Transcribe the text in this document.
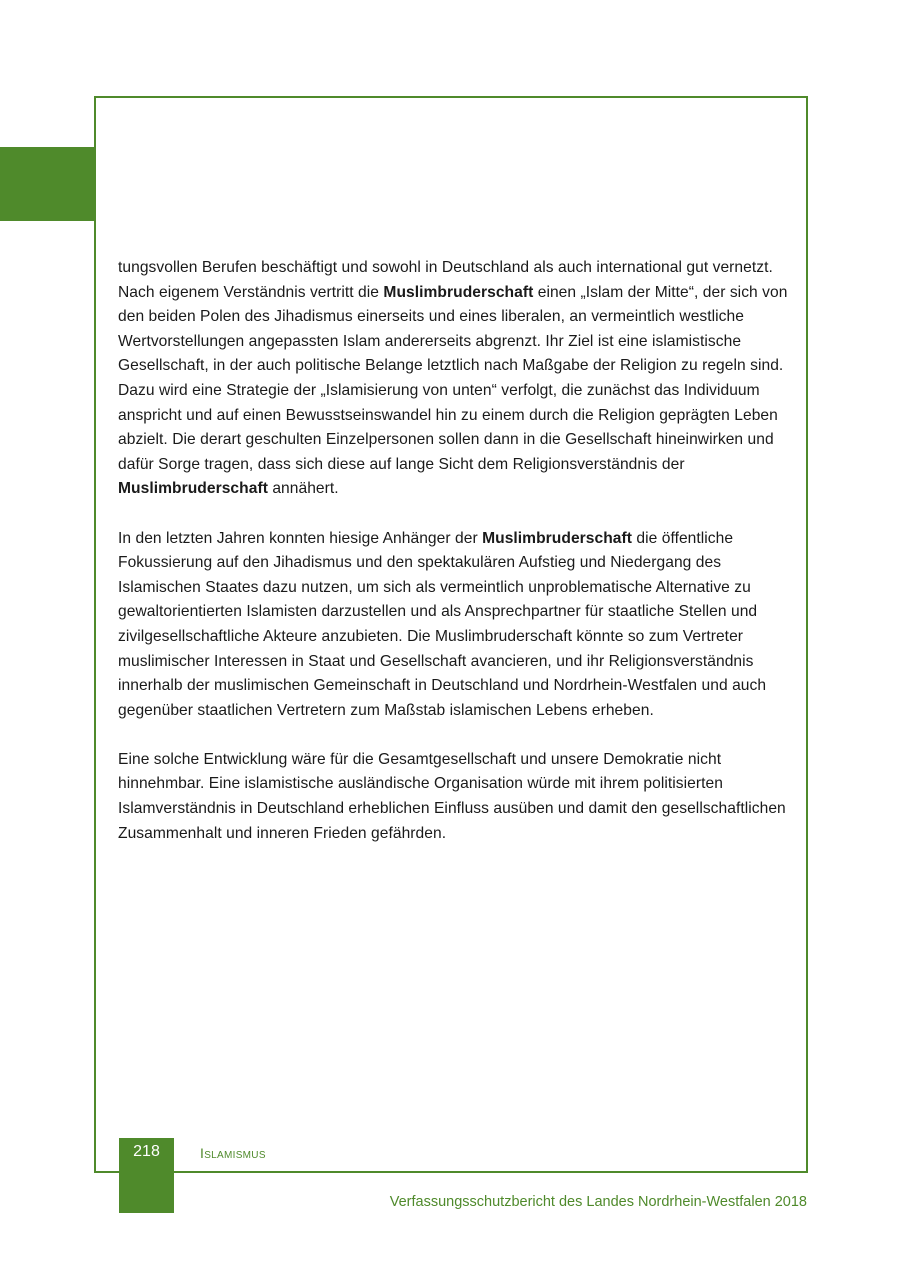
tungsvollen Berufen beschäftigt und sowohl in Deutschland als auch international gut vernetzt. Nach eigenem Verständnis vertritt die Muslimbruderschaft einen „Islam der Mitte“, der sich von den beiden Polen des Jihadismus einerseits und eines liberalen, an vermeintlich westliche Wertvorstellungen angepassten Islam andererseits abgrenzt. Ihr Ziel ist eine islamistische Gesellschaft, in der auch politische Belange letztlich nach Maßgabe der Religion zu regeln sind. Dazu wird eine Strategie der „Islamisierung von unten“ verfolgt, die zunächst das Individuum anspricht und auf einen Bewusstseinswandel hin zu einem durch die Religion geprägten Leben abzielt. Die derart geschulten Einzelpersonen sollen dann in die Gesellschaft hineinwirken und dafür Sorge tragen, dass sich diese auf lange Sicht dem Religionsverständnis der Muslimbruderschaft annähert.

In den letzten Jahren konnten hiesige Anhänger der Muslimbruderschaft die öffentliche Fokussierung auf den Jihadismus und den spektakulären Aufstieg und Niedergang des Islamischen Staates dazu nutzen, um sich als vermeintlich unproblematische Alternative zu gewaltorientierten Islamisten darzustellen und als Ansprechpartner für staatliche Stellen und zivilgesellschaftliche Akteure anzubieten. Die Muslimbruderschaft könnte so zum Vertreter muslimischer Interessen in Staat und Gesellschaft avancieren, und ihr Religionsverständnis innerhalb der muslimischen Gemeinschaft in Deutschland und Nordrhein-Westfalen und auch gegenüber staatlichen Vertretern zum Maßstab islamischen Lebens erheben.

Eine solche Entwicklung wäre für die Gesamtgesellschaft und unsere Demokratie nicht hinnehmbar. Eine islamistische ausländische Organisation würde mit ihrem politisierten Islamverständnis in Deutschland erheblichen Einfluss ausüben und damit den gesellschaftlichen Zusammenhalt und inneren Frieden gefährden.

218	Islamismus
Verfassungsschutzbericht des Landes Nordrhein-Westfalen 2018
